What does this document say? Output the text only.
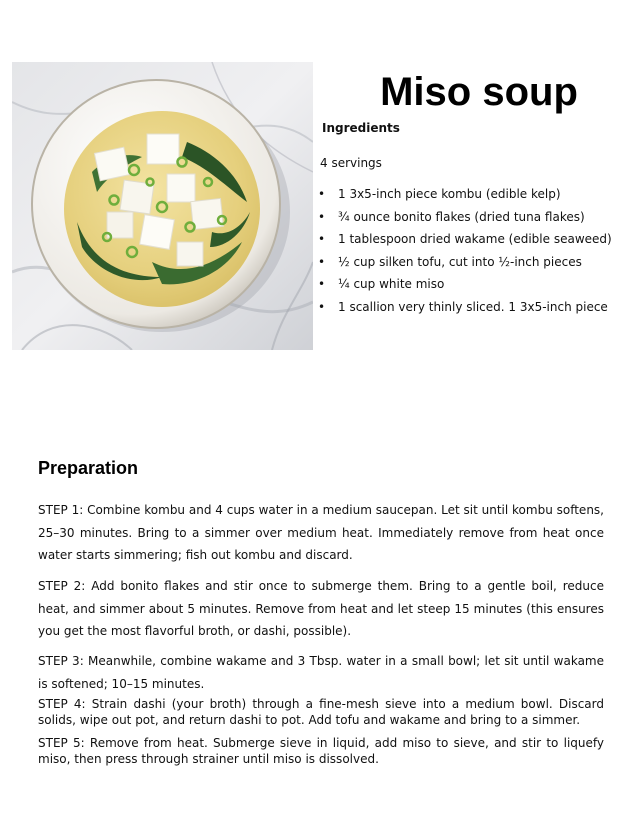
Miso soup
Ingredients
4 servings
• 1 3x5-inch piece kombu (edible kelp)
• ¾ ounce bonito flakes (dried tuna flakes)
• 1 tablespoon dried wakame (edible seaweed)
• ½ cup silken tofu, cut into ½-inch pieces
• ¼ cup white miso
• 1 scallion very thinly sliced. 1 3x5-inch piece
Preparation

STEP 1: Combine kombu and 4 cups water in a medium saucepan. Let sit until kombu softens, 25–30 minutes. Bring to a simmer over medium heat. Immediately remove from heat once water starts simmering; fish out kombu and discard.

STEP 2: Add bonito flakes and stir once to submerge them. Bring to a gentle boil, reduce heat, and simmer about 5 minutes. Remove from heat and let steep 15 minutes (this ensures you get the most flavorful broth, or dashi, possible).

STEP 3: Meanwhile, combine wakame and 3 Tbsp. water in a small bowl; let sit until wakame is softened; 10–15 minutes.

STEP 4: Strain dashi (your broth) through a fine-mesh sieve into a medium bowl. Discard solids, wipe out pot, and return dashi to pot. Add tofu and wakame and bring to a simmer.

STEP 5: Remove from heat. Submerge sieve in liquid, add miso to sieve, and stir to liquefy miso, then press through strainer until miso is dissolved.
